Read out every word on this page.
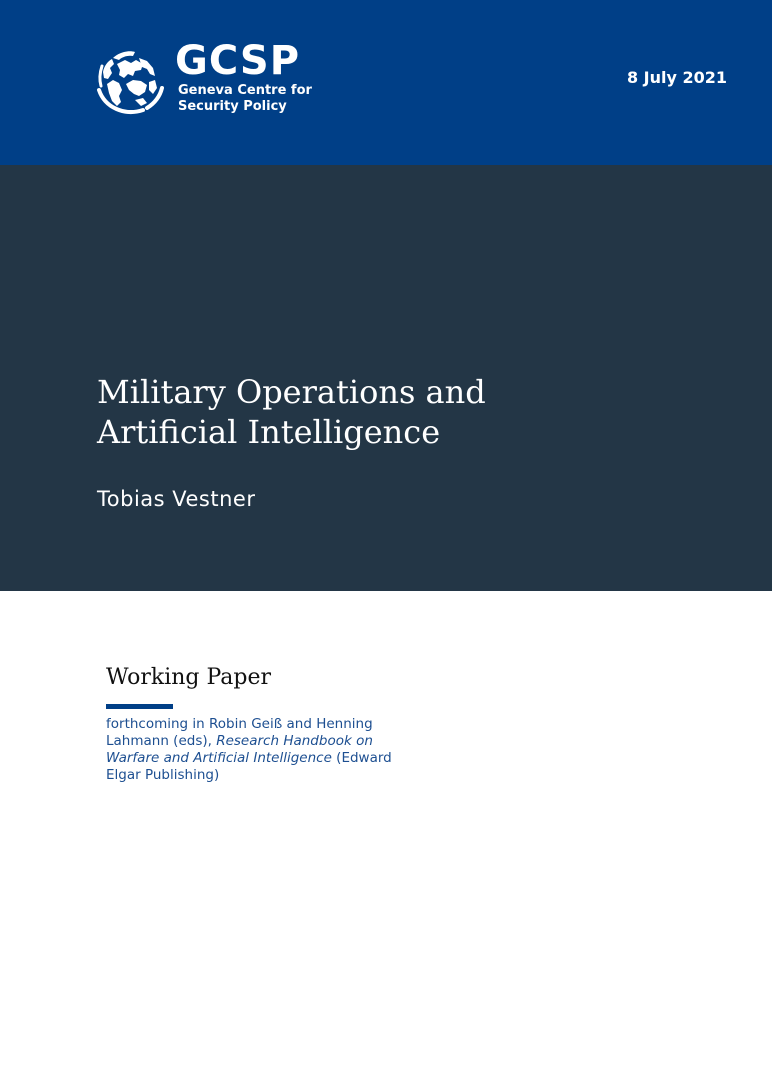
GCSP
Geneva Centre for
Security Policy
8 July 2021
Military Operations and
Artificial Intelligence
Tobias Vestner
Working Paper
forthcoming in Robin Geiß and Henning Lahmann (eds), Research Handbook on Warfare and Artificial Intelligence (Edward Elgar Publishing)
